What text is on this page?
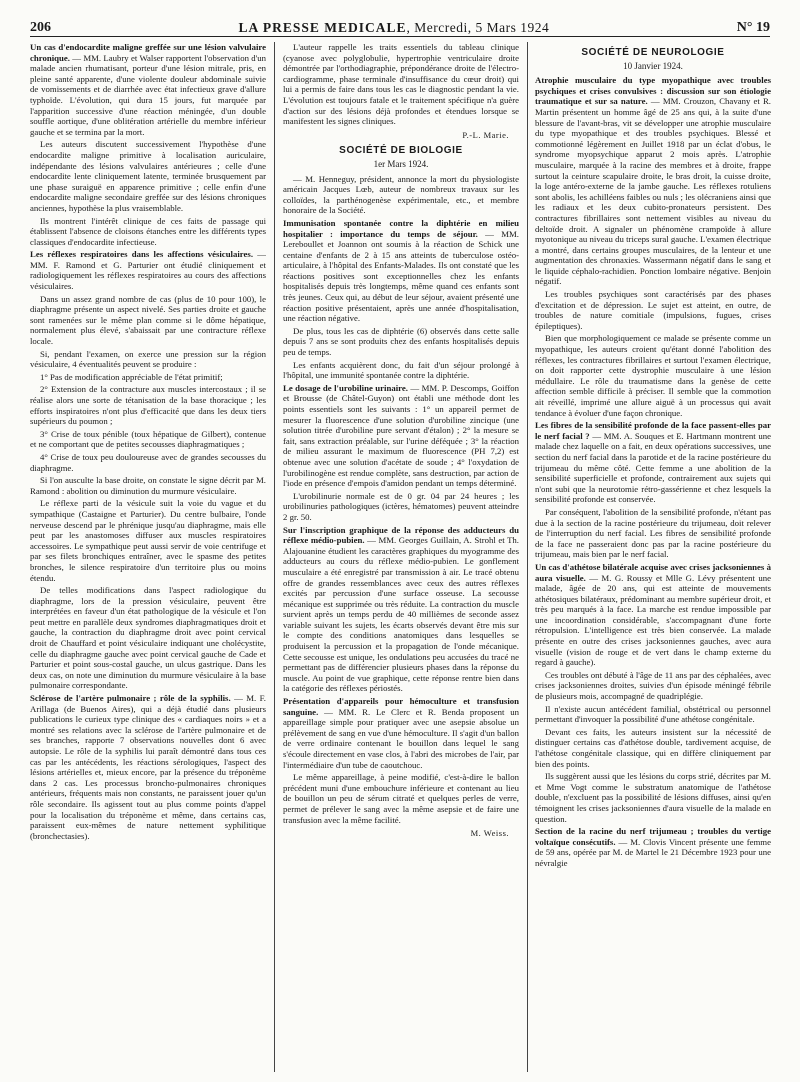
206	LA PRESSE MEDICALE, Mercredi, 5 Mars 1924	N° 19

Un cas d'endocardite maligne greffée sur une lésion valvulaire chronique. — MM. Laubry et Walser rapportent l'observation d'un malade ancien rhumatisant, porteur d'une lésion mitrale, pris, en pleine santé apparente, d'une violente douleur abdominale suivie de vomissements et de diarrhée avec état infectieux grave d'allure typhoïde. L'évolution, qui dura 15 jours, fut marquée par l'apparition successive d'une réaction méningée, d'un double souffle aortique, d'une oblitération artérielle du membre inférieur gauche et se termina par la mort.

Les auteurs discutent successivement l'hypothèse d'une endocardite maligne primitive à localisation auriculaire, indépendante des lésions valvulaires antérieures ; celle d'une endocardite lente cliniquement latente, terminée brusquement par une phase suraiguë en apparence primitive ; celle enfin d'une endocardite maligne secondaire greffée sur des lésions chroniques anciennes, hypothèse la plus vraisemblable.

Ils montrent l'intérêt clinique de ces faits de passage qui établissent l'absence de cloisons étanches entre les différents types classiques d'endocardite infectieuse.

Les réflexes respiratoires dans les affections vésiculaires. — MM. F. Ramond et G. Parturier ont étudié cliniquement et radiologiquement les réflexes respiratoires au cours des affections vésiculaires.

Dans un assez grand nombre de cas (plus de 10 pour 100), le diaphragme présente un aspect nivelé. Ses parties droite et gauche sont ramenées sur le même plan comme si le dôme hépatique, normalement plus élevé, s'abaissait par une contracture réflexe locale.

Si, pendant l'examen, on exerce une pression sur la région vésiculaire, 4 éventualités peuvent se produire :

1° Pas de modification appréciable de l'état primitif;

2° Extension de la contracture aux muscles intercostaux ; il se réalise alors une sorte de tétanisation de la base thoracique ; les efforts inspiratoires n'ont plus d'efficacité que dans les deux tiers supérieurs du poumon ;

3° Crise de toux pénible (toux hépatique de Gilbert), contenue et ne comportant que de petites secousses diaphragmatiques ;

4° Crise de toux peu douloureuse avec de grandes secousses du diaphragme.

Si l'on ausculte la base droite, on constate le signe décrit par M. Ramond : abolition ou diminution du murmure vésiculaire.

Le réflexe parti de la vésicule suit la voie du vague et du sympathique (Castaigne et Parturier). Du centre bulbaire, l'onde nerveuse descend par le phrénique jusqu'au diaphragme, mais elle peut par les anastomoses diffuser aux muscles respiratoires accessoires. Le sympathique peut aussi servir de voie centrifuge et par ses filets bronchiques entraîner, avec le spasme des petites bronches, le silence respiratoire d'un territoire plus ou moins étendu.

De telles modifications dans l'aspect radiologique du diaphragme, lors de la pression vésiculaire, peuvent être interprétées en faveur d'un état pathologique de la vésicule et l'on peut mettre en parallèle deux syndromes diaphragmatiques droit et gauche, la contraction du diaphragme droit avec point cervical droit de Chauffard et point vésiculaire indiquant une cholécystite, celle du diaphragme gauche avec point cervical gauche de Cade et Parturier et point sous-costal gauche, un ulcus gastrique. Dans les deux cas, on note une diminution du murmure vésiculaire à la base pulmonaire correspondante.

Sclérose de l'artère pulmonaire ; rôle de la syphilis. — M. F. Arillaga (de Buenos Aires), qui a déjà étudié dans plusieurs publications le curieux type clinique des « cardiaques noirs » et a montré ses relations avec la sclérose de l'artère pulmonaire et de ses branches, rapporte 7 observations nouvelles dont 6 avec autopsie. Le rôle de la syphilis lui paraît démontré dans tous ces cas par les antécédents, les réactions sérologiques, l'aspect des lésions artérielles et, mieux encore, par la présence du tréponème dans 2 cas. Les processus broncho-pulmonaires chroniques antérieurs, fréquents mais non constants, ne paraissent jouer qu'un rôle secondaire. Ils agissent tout au plus comme points d'appel pour la localisation du tréponème et même, dans certains cas, paraissent eux-mêmes de nature nettement syphilitique (bronchectasies).

L'auteur rappelle les traits essentiels du tableau clinique (cyanose avec polyglobulie, hypertrophie ventriculaire droite démontrée par l'orthodiagraphie, prépondérance droite de l'électro-cardiogramme, phase terminale d'insuffisance du cœur droit) qui lui a permis de faire dans tous les cas le diagnostic pendant la vie. L'évolution est toujours fatale et le traitement spécifique n'a guère d'action sur des lésions déjà profondes et étendues lorsque se manifestent les signes cliniques.

P.-L. Marie.
SOCIÉTÉ DE BIOLOGIE
1er Mars 1924.

— M. Henneguy, président, annonce la mort du physiologiste américain Jacques Lœb, auteur de nombreux travaux sur les colloïdes, la parthénogenèse expérimentale, etc., et membre honoraire de la Société.

Immunisation spontanée contre la diphtérie en milieu hospitalier : importance du temps de séjour. — MM. Lereboullet et Joannon ont soumis à la réaction de Schick une centaine d'enfants de 2 à 15 ans atteints de tuberculose ostéo-articulaire, à l'hôpital des Enfants-Malades. Ils ont constaté que les réactions positives sont exceptionnelles chez les enfants hospitalisés depuis très longtemps, même quand ces enfants sont très jeunes. Ceux qui, au début de leur séjour, avaient présenté une réaction positive présentaient, après une année d'hospitalisation, une réaction négative.

De plus, tous les cas de diphtérie (6) observés dans cette salle depuis 7 ans se sont produits chez des enfants hospitalisés depuis peu de temps.

Les enfants acquièrent donc, du fait d'un séjour prolongé à l'hôpital, une immunité spontanée contre la diphtérie.

Le dosage de l'urobiline urinaire. — MM. P. Descomps, Goiffon et Brousse (de Châtel-Guyon) ont établi une méthode dont les points essentiels sont les suivants : 1° un appareil permet de mesurer la fluorescence d'une solution d'urobiline zincique (une solution titrée d'urobiline pure servant d'étalon) ; 2° la mesure se fait, sans extraction préalable, sur l'urine déféquée ; 3° la réaction de milieu assurant le maximum de fluorescence (PH 7,2) est obtenue avec une solution d'acétate de soude ; 4° l'oxydation de l'urobilinogène est rendue complète, sans destruction, par action de l'iode en présence d'empois d'amidon pendant un temps déterminé.

L'urobilinurie normale est de 0 gr. 04 par 24 heures ; les urobilinuries pathologiques (ictères, hématomes) peuvent atteindre 2 gr. 50.

Sur l'inscription graphique de la réponse des adducteurs du réflexe médio-pubien. — MM. Georges Guillain, A. Strohl et Th. Alajouanine étudient les caractères graphiques du myogramme des adducteurs au cours du réflexe médio-pubien. Le gonflement musculaire a été enregistré par transmission à air. Le tracé obtenu offre de grandes ressemblances avec ceux des autres réflexes excités par percussion d'une surface osseuse. La secousse mécanique est supprimée ou très réduite. La contraction du muscle survient après un temps perdu de 40 millièmes de seconde assez variable suivant les sujets, les écarts observés devant être mis sur le compte des conditions anatomiques dans lesquelles se produisent la percussion et la propagation de l'onde mécanique. Cette secousse est unique, les ondulations peu accusées du tracé ne permettant pas de différencier plusieurs phases dans la réponse du muscle. Au point de vue graphique, cette réponse rentre bien dans la catégorie des réflexes périostés.

Présentation d'appareils pour hémoculture et transfusion sanguine. — MM. R. Le Clerc et R. Benda proposent un appareillage simple pour pratiquer avec une asepsie absolue un prélèvement de sang en vue d'une hémoculture. Il s'agit d'un ballon de verre ordinaire contenant le bouillon dans lequel le sang s'écoule directement en vase clos, à l'abri des microbes de l'air, par l'intermédiaire d'un tube de caoutchouc.

Le même appareillage, à peine modifié, c'est-à-dire le ballon précédent muni d'une embouchure inférieure et contenant au lieu de bouillon un peu de sérum citraté et quelques perles de verre, permet de prélever le sang avec la même asepsie et de faire une transfusion avec la même facilité.

M. Weiss.
SOCIÉTÉ DE NEUROLOGIE
10 Janvier 1924.

Atrophie musculaire du type myopathique avec troubles psychiques et crises convulsives : discussion sur son étiologie traumatique et sur sa nature. — MM. Crouzon, Chavany et R. Martin présentent un homme âgé de 25 ans qui, à la suite d'une blessure de l'avant-bras, vit se développer une atrophie musculaire du type myopathique et des troubles psychiques. Blessé et commotionné légèrement en Juillet 1918 par un éclat d'obus, le syndrome myopsychique apparut 2 mois après. L'atrophie musculaire, marquée à la racine des membres et à droite, frappe surtout la ceinture scapulaire droite, le bras droit, la cuisse droite, la loge antéro-externe de la jambe gauche. Les réflexes rotuliens sont abolis, les achilléens faibles ou nuls ; les olécraniens ainsi que les radiaux et les deux cubito-pronateurs persistent. Des contractures fibrillaires sont nettement visibles au niveau du deltoïde droit. A signaler un phénomène crampoïde à allure myotonique au niveau du triceps sural gauche. L'examen électrique a montré, dans certains groupes musculaires, de la lenteur et une augmentation des chronaxies. Wassermann négatif dans le sang et le liquide céphalo-rachidien. Ponction lombaire négative. Benjoin négatif.

Les troubles psychiques sont caractérisés par des phases d'excitation et de dépression. Le sujet est atteint, en outre, de troubles de nature comitiale (impulsions, fugues, crises épileptiques).

Bien que morphologiquement ce malade se présente comme un myopathique, les auteurs croient qu'étant donné l'abolition des réflexes, les contractures fibrillaires et surtout l'examen électrique, on doit rapporter cette dystrophie musculaire à une lésion médullaire. Le rôle du traumatisme dans la genèse de cette affection semble difficile à préciser. Il semble que la commotion ait réveillé, imprimé une allure aiguë à un processus qui avait tendance à évoluer d'une façon chronique.

Les fibres de la sensibilité profonde de la face passent-elles par le nerf facial ? — MM. A. Souques et E. Hartmann montrent une malade chez laquelle on a fait, en deux opérations successives, une section du nerf facial dans la parotide et de la racine postérieure du trijumeau du même côté. Cette femme a une abolition de la sensibilité superficielle et profonde, contrairement aux sujets qui n'ont subi que la neurotomie rétro-gassérienne et chez lesquels la sensibilité profonde est conservée.

Par conséquent, l'abolition de la sensibilité profonde, n'étant pas due à la section de la racine postérieure du trijumeau, doit relever de l'interruption du nerf facial. Les fibres de sensibilité profonde de la face ne passeraient donc pas par la racine postérieure du trijumeau, mais bien par le nerf facial.

Un cas d'athétose bilatérale acquise avec crises jacksoniennes à aura visuelle. — M. G. Roussy et Mlle G. Lévy présentent une malade, âgée de 20 ans, qui est atteinte de mouvements athétosiques bilatéraux, prédominant au membre supérieur droit, et très peu marqués à la face. La marche est rendue impossible par une incoordination considérable, s'accompagnant d'une forte rétropulsion. L'intelligence est très bien conservée. La malade présente en outre des crises jacksoniennes gauches, avec aura visuelle (vision de rouge et de vert dans le champ externe du regard à gauche).

Ces troubles ont débuté à l'âge de 11 ans par des céphalées, avec crises jacksoniennes droites, suivies d'un épisode méningé fébrile de plusieurs mois, accompagné de quadriplégie.

Il n'existe aucun antécédent familial, obstétrical ou personnel permettant d'invoquer la possibilité d'une athétose congénitale.

Devant ces faits, les auteurs insistent sur la nécessité de distinguer certains cas d'athétose double, tardivement acquise, de l'athétose congénitale classique, qui en diffère cliniquement par bien des points.

Ils suggèrent aussi que les lésions du corps strié, décrites par M. et Mme Vogt comme le substratum anatomique de l'athétose double, n'excluent pas la possibilité de lésions diffuses, ainsi qu'en témoignent les crises jacksoniennes d'aura visuelle de la malade en question.

Section de la racine du nerf trijumeau ; troubles du vertige voltaïque consécutifs. — M. Clovis Vincent présente une femme de 59 ans, opérée par M. de Martel le 21 Décembre 1923 pour une névralgie
